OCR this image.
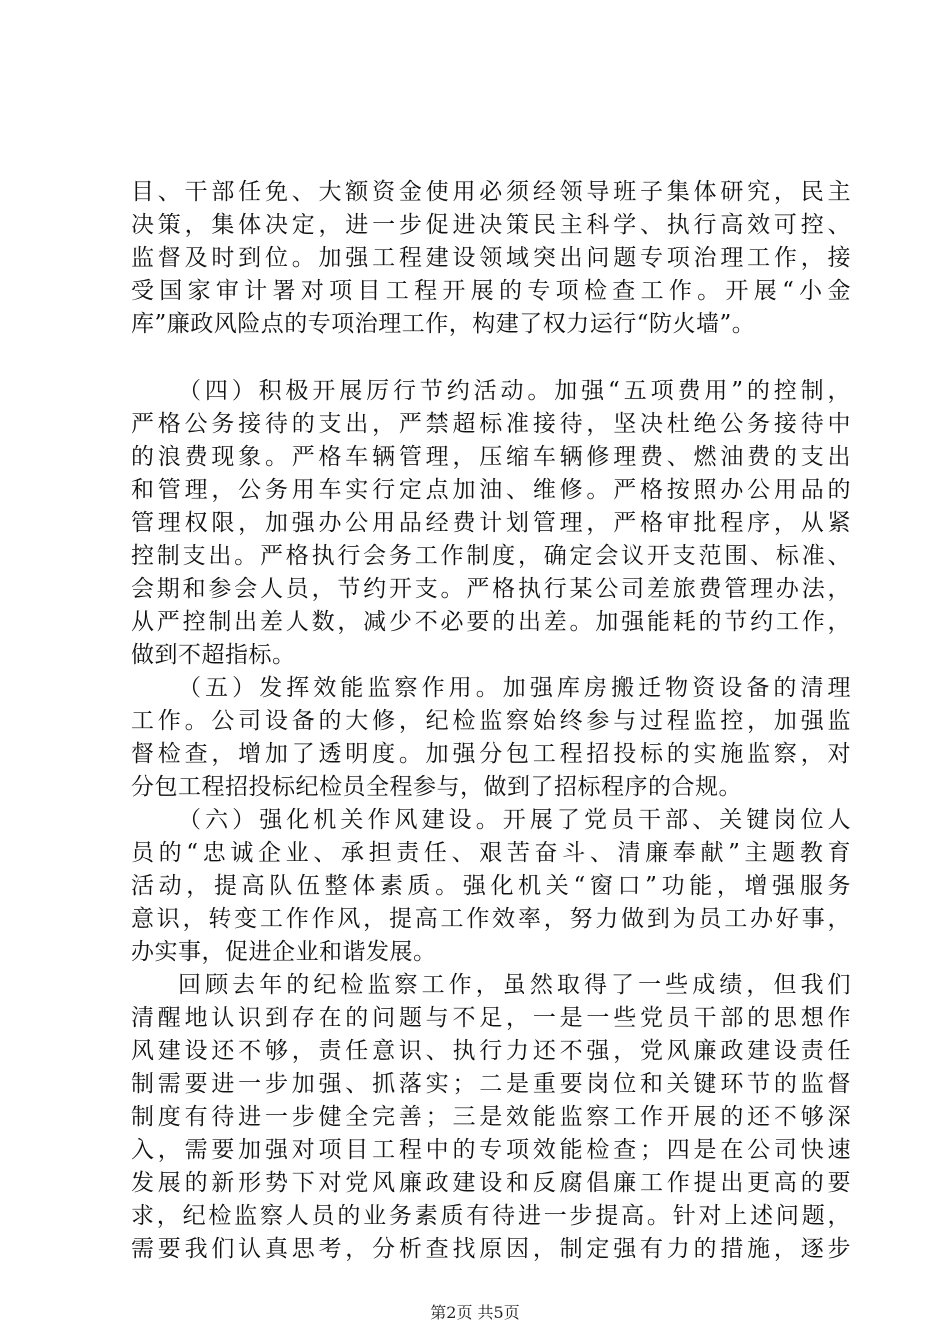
目、干部任免、大额资金使用必须经领导班子集体研究，民主
决策，集体决定，进一步促进决策民主科学、执行高效可控、
监督及时到位。加强工程建设领域突出问题专项治理工作，接
受国家审计署对项目工程开展的专项检查工作。开展“小金
库”廉政风险点的专项治理工作，构建了权力运行“防火墙”。
（四）积极开展厉行节约活动。加强“五项费用”的控制，
严格公务接待的支出，严禁超标准接待，坚决杜绝公务接待中
的浪费现象。严格车辆管理，压缩车辆修理费、燃油费的支出
和管理，公务用车实行定点加油、维修。严格按照办公用品的
管理权限，加强办公用品经费计划管理，严格审批程序，从紧
控制支出。严格执行会务工作制度，确定会议开支范围、标准、
会期和参会人员，节约开支。严格执行某公司差旅费管理办法，
从严控制出差人数，减少不必要的出差。加强能耗的节约工作，
做到不超指标。
（五）发挥效能监察作用。加强库房搬迁物资设备的清理
工作。公司设备的大修，纪检监察始终参与过程监控，加强监
督检查，增加了透明度。加强分包工程招投标的实施监察，对
分包工程招投标纪检员全程参与，做到了招标程序的合规。
（六）强化机关作风建设。开展了党员干部、关键岗位人
员的“忠诚企业、承担责任、艰苦奋斗、清廉奉献”主题教育
活动，提高队伍整体素质。强化机关“窗口”功能，增强服务
意识，转变工作作风，提高工作效率，努力做到为员工办好事，
办实事，促进企业和谐发展。
回顾去年的纪检监察工作，虽然取得了一些成绩，但我们
清醒地认识到存在的问题与不足，一是一些党员干部的思想作
风建设还不够，责任意识、执行力还不强，党风廉政建设责任
制需要进一步加强、抓落实；二是重要岗位和关键环节的监督
制度有待进一步健全完善；三是效能监察工作开展的还不够深
入，需要加强对项目工程中的专项效能检查；四是在公司快速
发展的新形势下对党风廉政建设和反腐倡廉工作提出更高的要
求，纪检监察人员的业务素质有待进一步提高。针对上述问题，
需要我们认真思考，分析查找原因，制定强有力的措施，逐步
第2页 共5页
